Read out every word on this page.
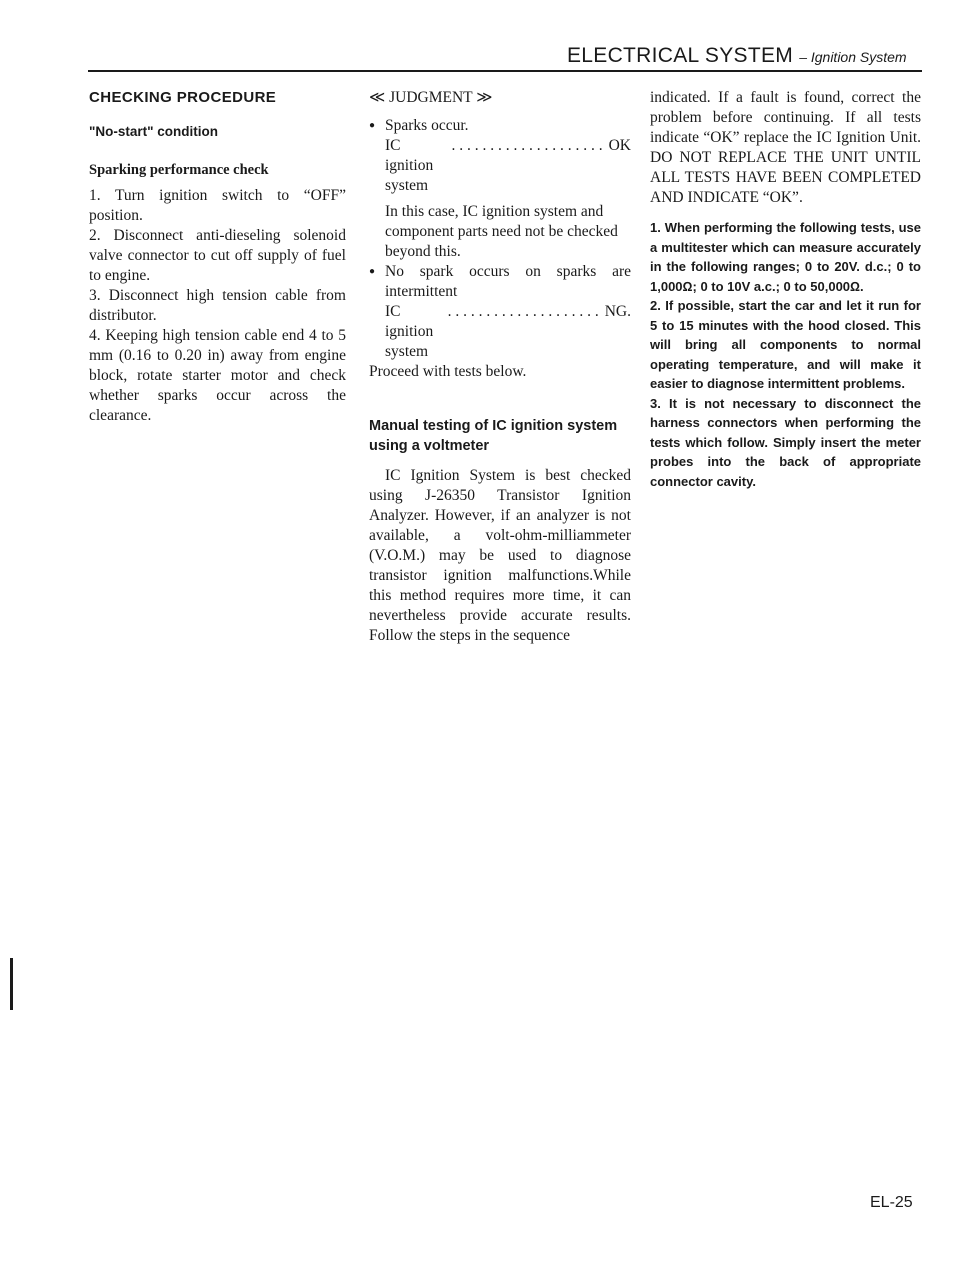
ELECTRICAL SYSTEM – Ignition System
CHECKING PROCEDURE
"No-start" condition
Sparking performance check

1. Turn ignition switch to “OFF” position.

2. Disconnect anti-dieseling solenoid valve connector to cut off supply of fuel to engine.

3. Disconnect high tension cable from distributor.

4. Keeping high tension cable end 4 to 5 mm (0.16 to 0.20 in) away from engine block, rotate starter motor and check whether sparks occur across the clearance.

≪ JUDGMENT ≫

● Sparks occur.

IC ignition system
. . . . . . . . . . . . . . . . . . . . OK

In this case, IC ignition system and component parts need not be checked beyond this.

● No spark occurs on sparks are intermittent

IC ignition system
. . . . . . . . . . . . . . . . . . . . NG.

Proceed with tests below.

Manual testing of IC ignition system using a voltmeter

IC Ignition System is best checked using J-26350 Transistor Ignition Analyzer. However, if an analyzer is not available, a volt-ohm-milliammeter (V.O.M.) may be used to diagnose transistor ignition malfunctions.While this method requires more time, it can nevertheless provide accurate results. Follow the steps in the sequence

indicated. If a fault is found, correct the problem before continuing. If all tests indicate “OK” replace the IC Ignition Unit. DO NOT REPLACE THE UNIT UNTIL ALL TESTS HAVE BEEN COMPLETED AND INDICATE “OK”.

1. When performing the following tests, use a multitester which can measure accurately in the following ranges; 0 to 20V. d.c.; 0 to 1,000Ω; 0 to 10V a.c.; 0 to 50,000Ω.

2. If possible, start the car and let it run for 5 to 15 minutes with the hood closed. This will bring all components to normal operating temperature, and will make it easier to diagnose intermittent problems.

3. It is not necessary to disconnect the harness connectors when performing the tests which follow. Simply insert the meter probes into the back of appropriate connector cavity.

EL-25
